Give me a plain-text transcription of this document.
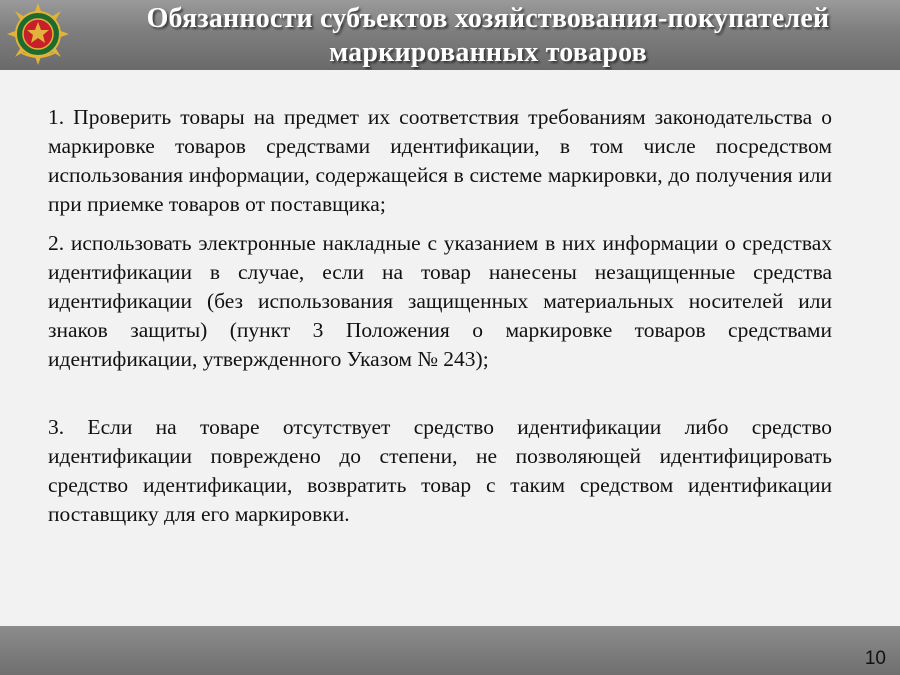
Обязанности субъектов хозяйствования-покупателей маркированных товаров

1. Проверить товары на предмет их соответствия требованиям законодательства о маркировке товаров средствами идентификации, в том числе посредством использования информации, содержащейся в системе маркировки, до получения или при приемке товаров от поставщика;

2. использовать электронные накладные с указанием в них информации о средствах идентификации в случае, если на товар нанесены незащищенные средства идентификации (без использования защищенных материальных носителей или знаков защиты) (пункт 3 Положения о маркировке товаров средствами идентификации, утвержденного Указом № 243);

3. Если на товаре отсутствует средство идентификации либо средство идентификации повреждено до степени, не позволяющей идентифицировать средство идентификации, возвратить товар с таким средством идентификации поставщику для его маркировки.

10
